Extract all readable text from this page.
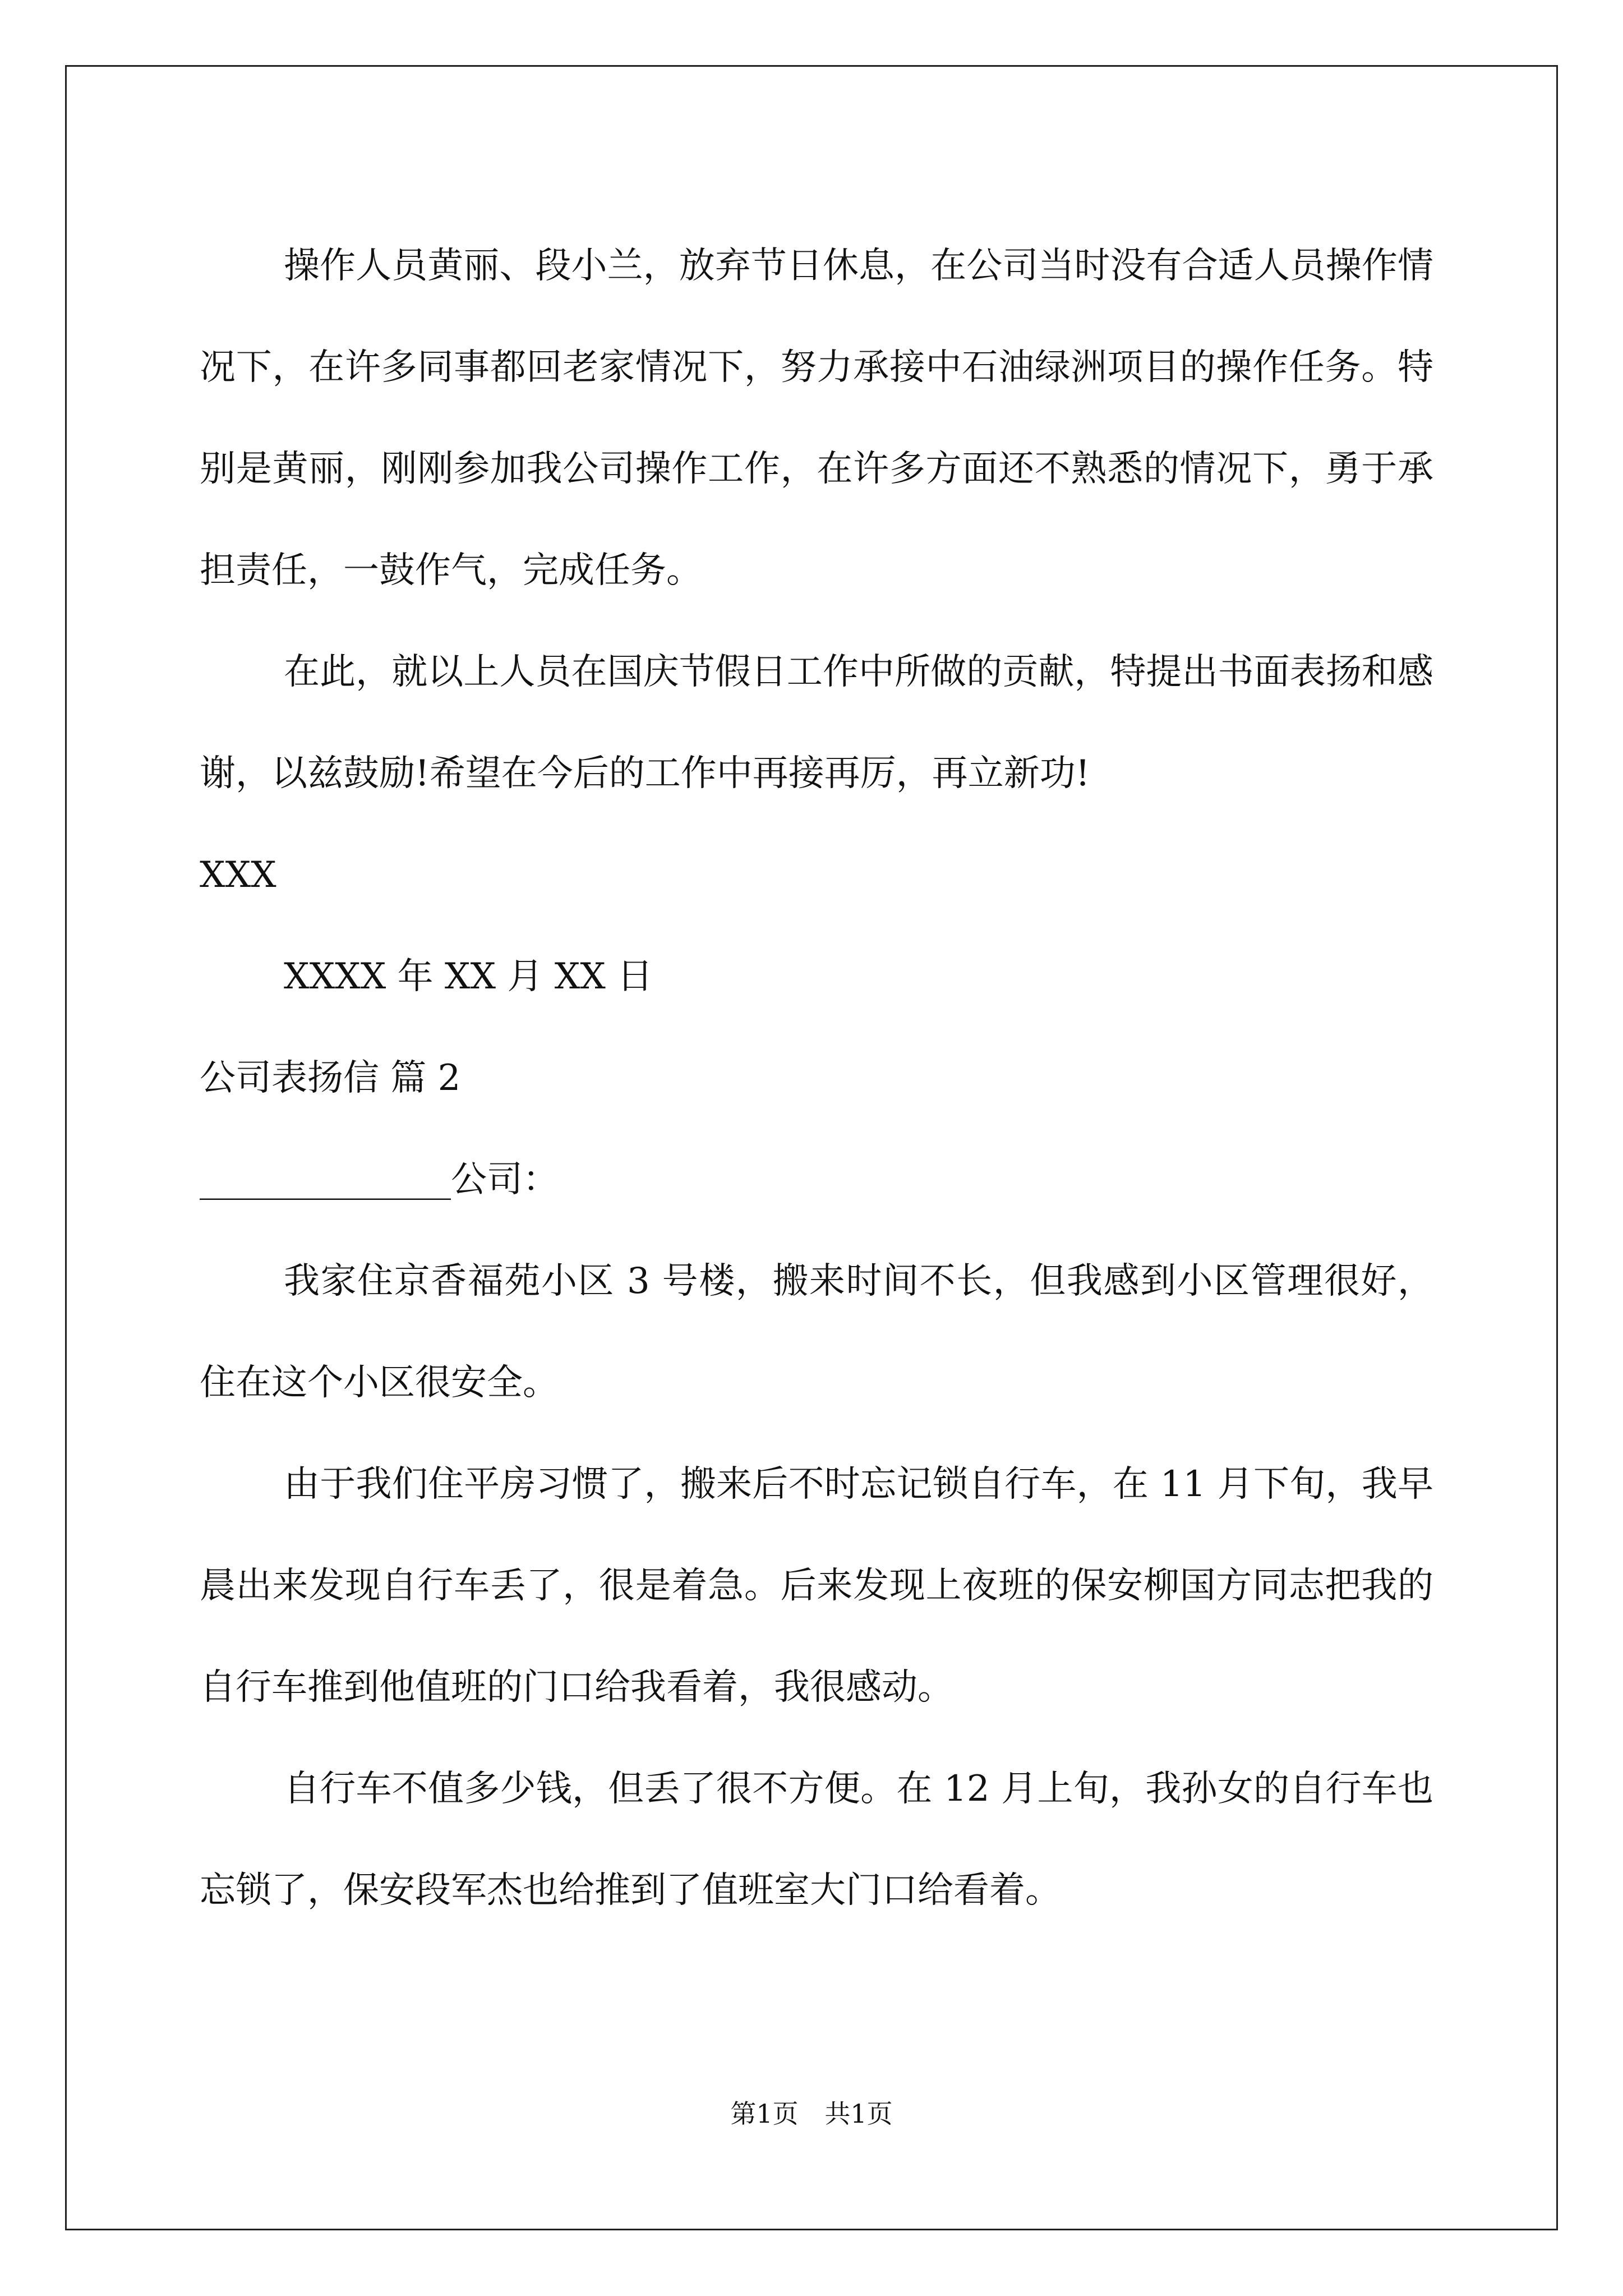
操作人员黄丽、段小兰，放弃节日休息，在公司当时没有合适人员操作情况下，在许多同事都回老家情况下，努力承接中石油绿洲项目的操作任务。特别是黄丽，刚刚参加我公司操作工作，在许多方面还不熟悉的情况下，勇于承担责任，一鼓作气，完成任务。

在此，就以上人员在国庆节假日工作中所做的贡献，特提出书面表扬和感谢，以兹鼓励!希望在今后的工作中再接再厉，再立新功!

XXX

XXXX 年 XX 月 XX 日

公司表扬信 篇 2

______________公司：

我家住京香福苑小区 3 号楼，搬来时间不长，但我感到小区管理很好，住在这个小区很安全。

由于我们住平房习惯了，搬来后不时忘记锁自行车，在 11 月下旬，我早晨出来发现自行车丢了，很是着急。后来发现上夜班的保安柳国方同志把我的自行车推到他值班的门口给我看着，我很感动。

自行车不值多少钱，但丢了很不方便。在 12 月上旬，我孙女的自行车也忘锁了，保安段军杰也给推到了值班室大门口给看着。

第1页 共1页
